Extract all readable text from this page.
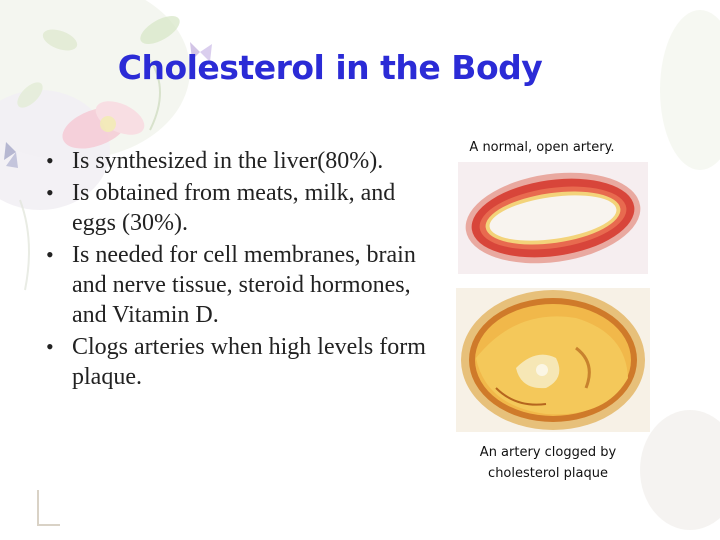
Cholesterol in the Body
• Is synthesized in the liver(80%).
• Is obtained from meats, milk, and eggs (30%).
• Is needed for cell membranes, brain and nerve tissue, steroid hormones, and Vitamin D.
• Clogs arteries when high levels form plaque.
A normal, open artery.
An artery clogged by cholesterol plaque
